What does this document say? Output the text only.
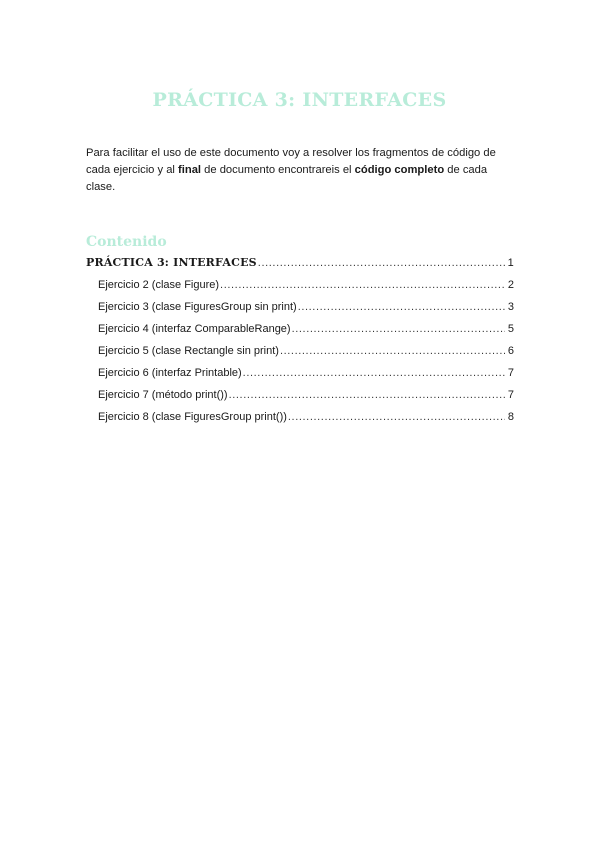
PRÁCTICA 3: INTERFACES

Para facilitar el uso de este documento voy a resolver los fragmentos de código de cada ejercicio y al final de documento encontrareis el código completo de cada clase.

Contenido
PRÁCTICA 3: INTERFACES .....	1
Ejercicio 2 (clase Figure) .....	2
Ejercicio 3 (clase FiguresGroup sin print) .....	3
Ejercicio 4 (interfaz ComparableRange) .....	5
Ejercicio 5 (clase Rectangle sin print) .....	6
Ejercicio 6 (interfaz Printable) .....	7
Ejercicio 7 (método print()) .....	7
Ejercicio 8 (clase FiguresGroup print()) .....	8
